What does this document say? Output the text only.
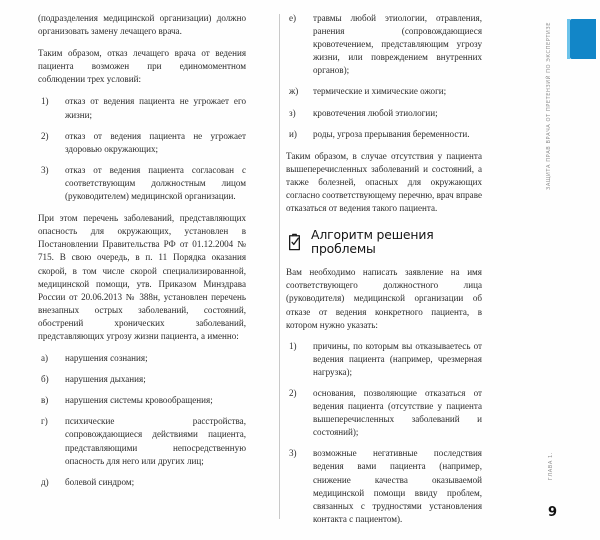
(подразделения медицинской организации) должно организовать замену лечащего врача.

Таким образом, отказ лечащего врача от ведения пациента возможен при единомоментном соблюдении трех условий:

1) отказ от ведения пациента не угрожает его жизни;
2) отказ от ведения пациента не угрожает здоровью окружающих;
3) отказ от ведения пациента согласован с соответствующим должностным лицом (руководителем) медицинской организации.

При этом перечень заболеваний, представляющих опасность для окружающих, установлен в Постановлении Правительства РФ от 01.12.2004 № 715. В свою очередь, в п. 11 Порядка оказания скорой, в том числе скорой специализированной, медицинской помощи, утв. Приказом Минздрава России от 20.06.2013 № 388н, установлен перечень внезапных острых заболеваний, состояний, обострений хронических заболеваний, представляющих угрозу жизни пациента, а именно:

а) нарушения сознания;
б) нарушения дыхания;
в) нарушения системы кровообращения;
г) психические расстройства, сопровождающиеся действиями пациента, представляющими непосредственную опасность для него или других лиц;
д) болевой синдром;
е) травмы любой этиологии, отравления, ранения (сопровождающиеся кровотечением, представляющим угрозу жизни, или повреждением внутренних органов);
ж) термические и химические ожоги;
з) кровотечения любой этиологии;
и) роды, угроза прерывания беременности.

Таким образом, в случае отсутствия у пациента вышеперечисленных заболеваний и состояний, а также болезней, опасных для окружающих согласно соответствующему перечню, врач вправе отказаться от ведения такого пациента.

Алгоритм решения проблемы

Вам необходимо написать заявление на имя соответствующего должностного лица (руководителя) медицинской организации об отказе от ведения конкретного пациента, в котором нужно указать:

1) причины, по которым вы отказываетесь от ведения пациента (например, чрезмерная нагрузка);
2) основания, позволяющие отказаться от ведения пациента (отсутствие у пациента вышеперечисленных заболеваний и состояний);
3) возможные негативные последствия ведения вами пациента (например, снижение качества оказываемой медицинской помощи ввиду проблем, связанных с трудностями установления контакта с пациентом).
ЗАЩИТА ПРАВ ВРАЧА ОТ ПРЕТЕНЗИЙ ПО ЭКСПЕРТИЗЕ
ГЛАВА 1.
9
